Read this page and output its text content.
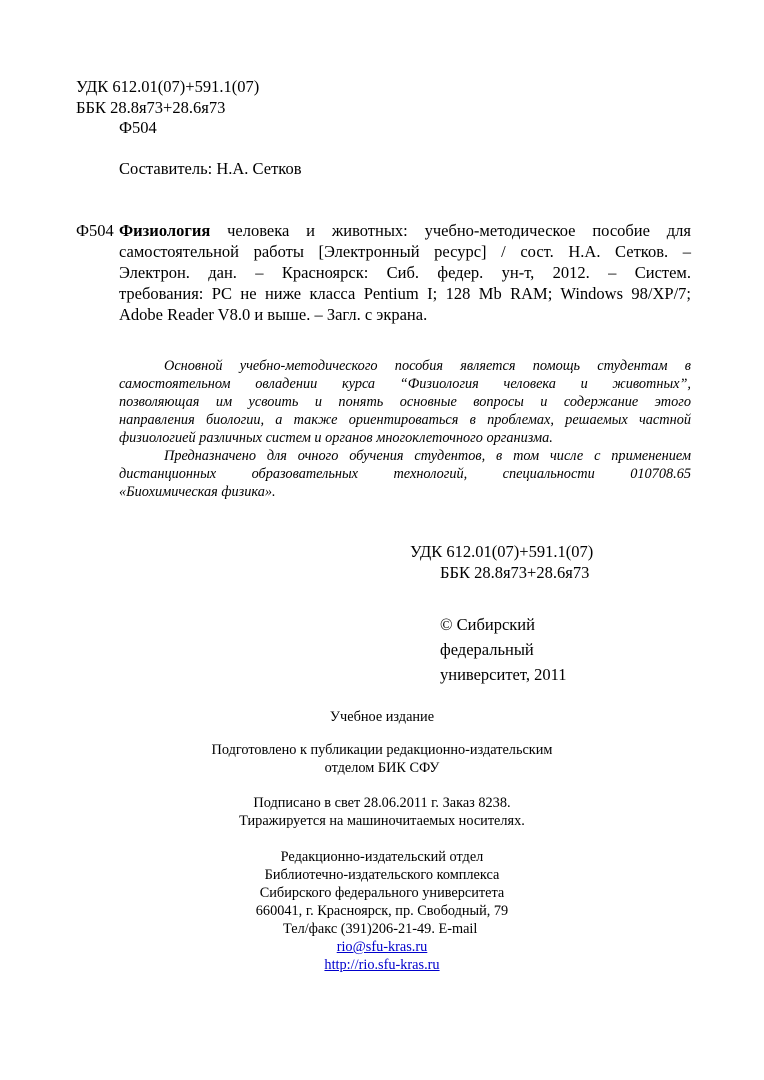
УДК 612.01(07)+591.1(07)
ББК 28.8я73+28.6я73
Ф504
Составитель: Н.А. Сетков
Ф504 Физиология человека и животных: учебно-методическое пособие для
самостоятельной работы [Электронный ресурс] / сост. Н.А. Сетков. –
Электрон. дан. – Красноярск: Сиб. федер. ун-т, 2012. – Систем.
требования: PC не ниже класса Pentium I; 128 Mb RAM; Windows 98/XP/7;
Adobe Reader V8.0 и выше. – Загл. с экрана.
Основной учебно-методического пособия является помощь студентам в
самостоятельном овладении курса “Физиология человека и животных”,
позволяющая им усвоить и понять основные вопросы и содержание этого
направления биологии, а также ориентироваться в проблемах, решаемых частной
физиологией различных систем и органов многоклеточного организма.
Предназначено для очного обучения студентов, в том числе с применением
дистанционных образовательных технологий, специальности 010708.65
«Биохимическая физика».
УДК 612.01(07)+591.1(07)
ББК 28.8я73+28.6я73
© Сибирский
федеральный
университет, 2011
Учебное издание
Подготовлено к публикации редакционно-издательским
отделом БИК СФУ
Подписано в свет 28.06.2011 г. Заказ 8238.
Тиражируется на машиночитаемых носителях.
Редакционно-издательский отдел
Библиотечно-издательского комплекса
Сибирского федерального университета
660041, г. Красноярск, пр. Свободный, 79
Тел/факс (391)206-21-49. E-mail
rio@sfu-kras.ru
http://rio.sfu-kras.ru
